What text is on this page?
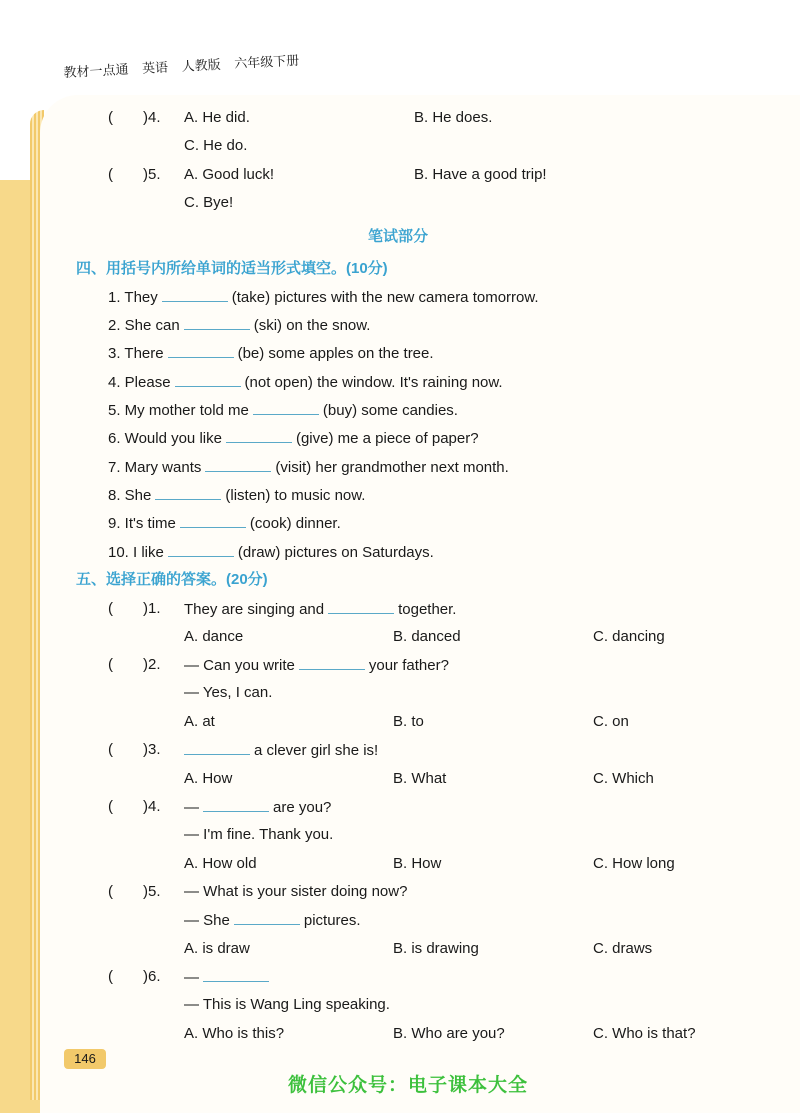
教材一点通 英语 人教版 六年级下册
(　　)4. A. He did.	B. He does.
C. He do.
(　　)5. A. Good luck!	B. Have a good trip!
C. Bye!
笔试部分
四、用括号内所给单词的适当形式填空。(10分)
1. They	(take) pictures with the new camera tomorrow.
2. She can	(ski) on the snow.
3. There	(be) some apples on the tree.
4. Please	(not open) the window. It's raining now.
5. My mother told me	(buy) some candies.
6. Would you like	(give) me a piece of paper?
7. Mary wants	(visit) her grandmother next month.
8. She	(listen) to music now.
9. It's time	(cook) dinner.
10. I like	(draw) pictures on Saturdays.
五、选择正确的答案。(20分)
(　　)1. They are singing and	together.
A. dance	B. danced	C. dancing
(　　)2. — Can you write	your father?
— Yes, I can.
A. at	B. to	C. on
(　　)3.	a clever girl she is!
A. How	B. What	C. Which
(　　)4. —	are you?
— I'm fine. Thank you.
A. How old	B. How	C. How long
(　　)5. — What is your sister doing now?
— She	pictures.
A. is draw	B. is drawing	C. draws
(　　)6. —
— This is Wang Ling speaking.
A. Who is this?	B. Who are you?	C. Who is that?
146
微信公众号：电子课本大全
